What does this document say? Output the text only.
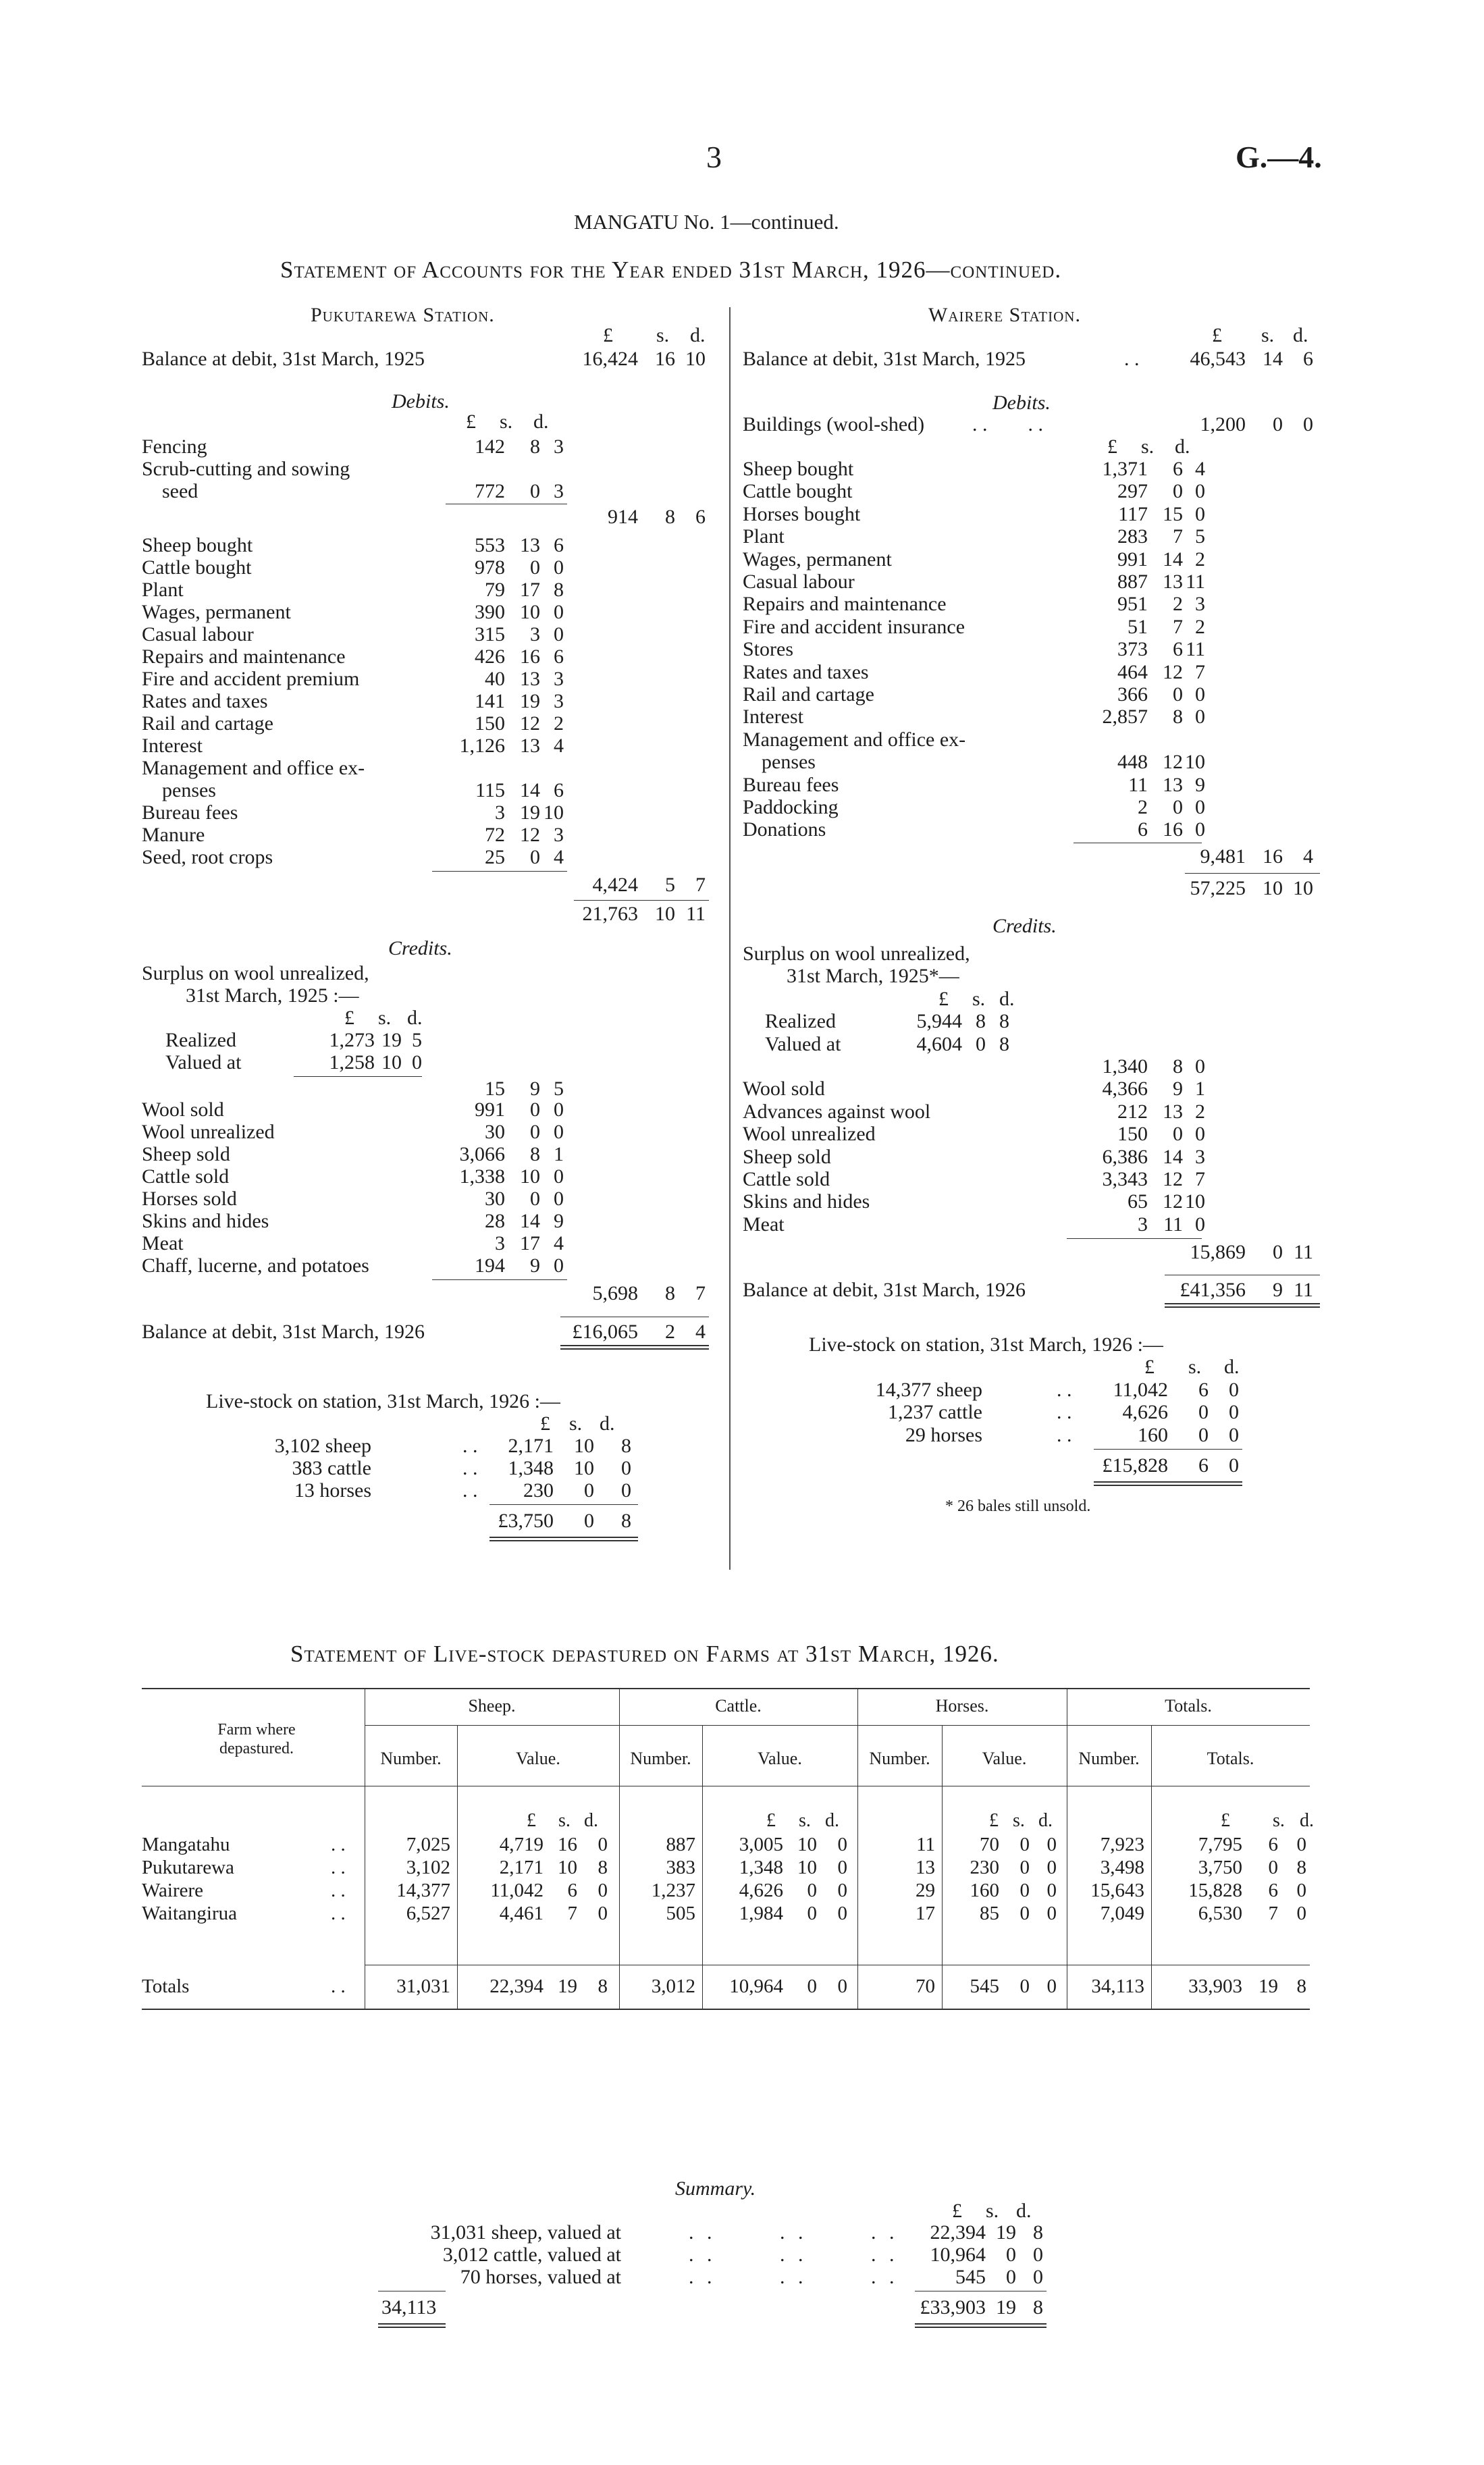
3	G.—4.
MANGATU No. 1—continued.
Statement of Accounts for the Year ended 31st March, 1926—continued.
Pukutarewa Station.
£ s. d.
Balance at debit, 31st March, 1925	16,424 16 10
Debits.
£ s. d.
Fencing	142	8 3
Scrub-cutting and sowing
seed	772	0 3
914	8	6
Sheep bought	553 13 6
Cattle bought	978	0 0
Plant	79 17 8
Wages, permanent	390 10 0
Casual labour	315	3 0
Repairs and maintenance	426 16 6
Fire and accident premium	40 13 3
Rates and taxes	141 19 3
Rail and cartage	150 12 2
Interest	1,126 13 4
Management and office ex-
penses	115 14 6
Bureau fees	3 19 10
Manure	72 12 3
Seed, root crops	25	0 4
4,424	5	7
21,763 10 11
Credits.
Surplus on wool unrealized,
31st March, 1925 :—
£ s. d.
Realized	1,273 19 5
Valued at	1,258 10 0
15	9 5
Wool sold	991	0 0
Wool unrealized	30	0 0
Sheep sold	3,066	8 1
Cattle sold	1,338 10 0
Horses sold	30	0 0
Skins and hides	28 14 9
Meat	3 17 4
Chaff, lucerne, and potatoes	194	9 0
5,698	8	7
Balance at debit, 31st March, 1926	£16,065	2	4
Live-stock on station, 31st March, 1926 :—
£ s. d.
3,102 sheep	. .	2,171	10	8
383 cattle	. .	1,348	10	0
13 horses	. .	230	0	0
£3,750	0	8
Wairere Station.
£ s. d.
Balance at debit, 31st March, 1925	. .	46,543 14	6
Debits.
Buildings (wool-shed) . .        . .	1,200	0	0
£ s. d.
Sheep bought	1,371	6 4
Cattle bought	297	0 0
Horses bought	117 15 0
Plant	283	7 5
Wages, permanent	991 14 2
Casual labour	887 13 11
Repairs and maintenance	951	2 3
Fire and accident insurance	51	7 2
Stores	373	6 11
Rates and taxes	464 12 7
Rail and cartage	366	0 0
Interest	2,857	8 0
Management and office ex-
penses	448 12 10
Bureau fees	11 13 9
Paddocking	2	0 0
Donations	6 16 0
9,481 16	4
57,225 10 10
Credits.
Surplus on wool unrealized,
31st March, 1925*—
£ s. d.
Realized	5,944 8 8
Valued at	4,604 0 8
1,340	8 0
Wool sold	4,366	9 1
Advances against wool	212 13 2
Wool unrealized	150	0 0
Sheep sold	6,386 14 3
Cattle sold	3,343 12 7
Skins and hides	65 12 10
Meat	3 11 0
15,869	0 11
Balance at debit, 31st March, 1926	£41,356	9 11
Live-stock on station, 31st March, 1926 :—
£ s. d.
14,377 sheep	. .	11,042	6	0
1,237 cattle	. .	4,626	0	0
29 horses	. .	160	0	0
£15,828	6	0
* 26 bales still unsold.
Statement of Live-stock depastured on Farms at 31st March, 1926.
Farm where depastured.
Sheep.	Cattle.	Horses.	Totals.
Number.	Value.	Number.	Value.	Number.	Value.	Number.	Totals.
£ s. d.	£ s. d.	£ s. d.	£ s. d.
Mangatahu	. .	7,025	4,719 16	0	887	3,005 10	0	11	70	0 0	7,923	7,795	6 0
Pukutarewa	. .	3,102	2,171 10	8	383	1,348 10	0	13	230	0 0	3,498	3,750	0 8
Wairere	. .	14,377	11,042	6	0	1,237	4,626	0	0	29	160	0 0	15,643	15,828	6 0
Waitangirua	. .	6,527	4,461	7	0	505	1,984	0	0	17	85	0 0	7,049	6,530	7 0
. .
Totals	31,031	22,394 19	8	3,012	10,964	0	0	70	545	0 0	34,113	33,903 19 8
Summary.
£ s. d.
31,031 sheep, valued at	. .       . .       . .	22,394 19 8
3,012 cattle, valued at	. .       . .       . .	10,964	0 0
70 horses, valued at	. .       . .       . .	545	0 0
34,113	£33,903 19 8
